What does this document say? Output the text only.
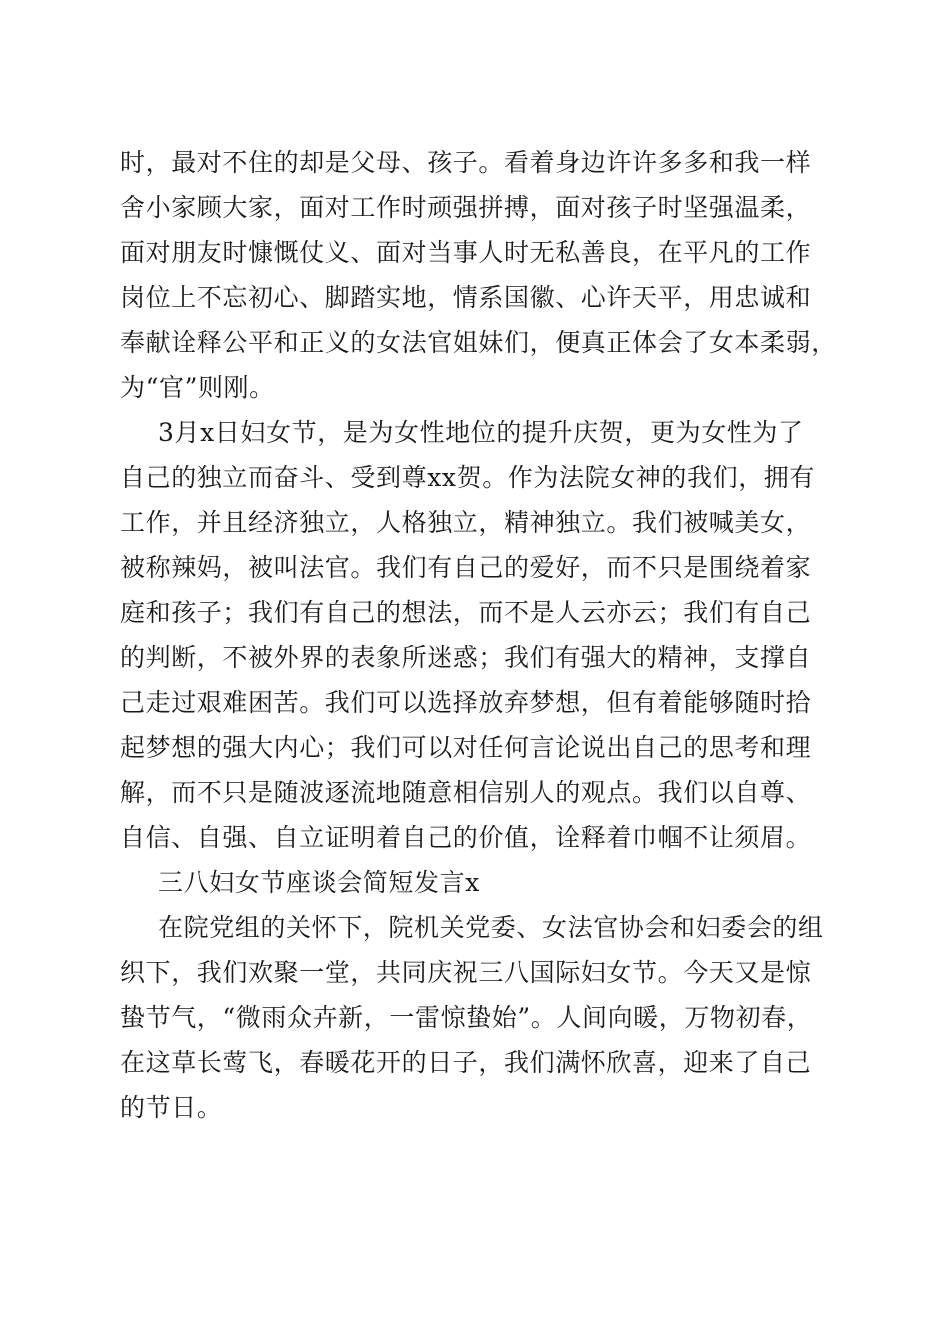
时，最对不住的却是父母、孩子。看着身边许许多多和我一样
舍小家顾大家，面对工作时顽强拼搏，面对孩子时坚强温柔，
面对朋友时慷慨仗义、面对当事人时无私善良，在平凡的工作
岗位上不忘初心、脚踏实地，情系国徽、心许天平，用忠诚和
奉献诠释公平和正义的女法官姐妹们，便真正体会了女本柔弱，
为“官”则刚。
3月x日妇女节，是为女性地位的提升庆贺，更为女性为了
自己的独立而奋斗、受到尊xx贺。作为法院女神的我们，拥有
工作，并且经济独立，人格独立，精神独立。我们被喊美女，
被称辣妈，被叫法官。我们有自己的爱好，而不只是围绕着家
庭和孩子；我们有自己的想法，而不是人云亦云；我们有自己
的判断，不被外界的表象所迷惑；我们有强大的精神，支撑自
己走过艰难困苦。我们可以选择放弃梦想，但有着能够随时拾
起梦想的强大内心；我们可以对任何言论说出自己的思考和理
解，而不只是随波逐流地随意相信别人的观点。我们以自尊、
自信、自强、自立证明着自己的价值，诠释着巾帼不让须眉。
三八妇女节座谈会简短发言x
在院党组的关怀下，院机关党委、女法官协会和妇委会的组
织下，我们欢聚一堂，共同庆祝三八国际妇女节。今天又是惊
蛰节气，“微雨众卉新，一雷惊蛰始”。人间向暖，万物初春，
在这草长莺飞，春暖花开的日子，我们满怀欣喜，迎来了自己
的节日。
